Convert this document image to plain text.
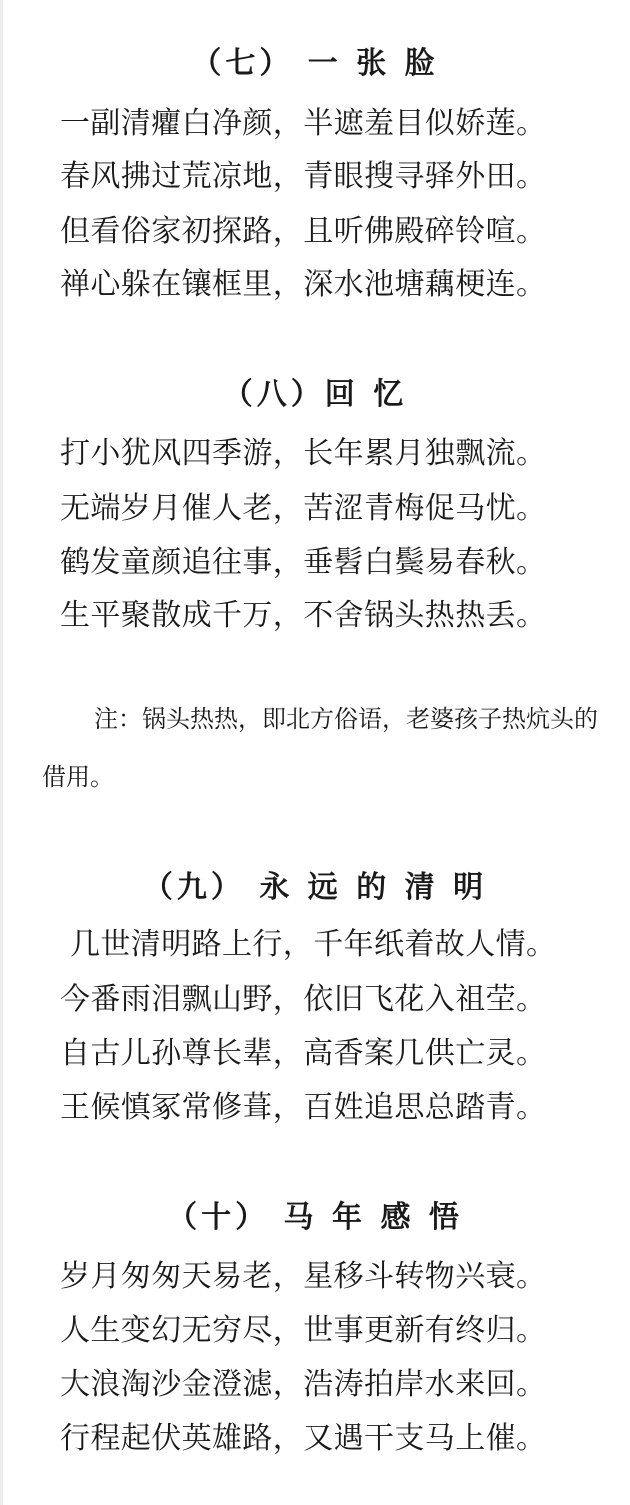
（七） 一 张 脸
一副清癯白净颜，半遮羞目似娇莲。
春风拂过荒凉地，青眼搜寻驿外田。
但看俗家初探路，且听佛殿碎铃喧。
禅心躲在镶框里，深水池塘藕梗连。
（八）回 忆
打小犹风四季游，长年累月独飘流。
无端岁月催人老，苦涩青梅促马忧。
鹤发童颜追往事，垂髫白鬓易春秋。
生平聚散成千万，不舍锅头热热丢。
注：锅头热热，即北方俗语，老婆孩子热炕头的借用。
（九） 永 远 的 清 明
几世清明路上行，千年纸着故人情。
今番雨泪飘山野，依旧飞花入祖茔。
自古儿孙尊长辈，高香案几供亡灵。
王候慎冢常修葺，百姓追思总踏青。
（十） 马 年 感 悟
岁月匆匆天易老，星移斗转物兴衰。
人生变幻无穷尽，世事更新有终归。
大浪淘沙金澄滤，浩涛拍岸水来回。
行程起伏英雄路，又遇干支马上催。
